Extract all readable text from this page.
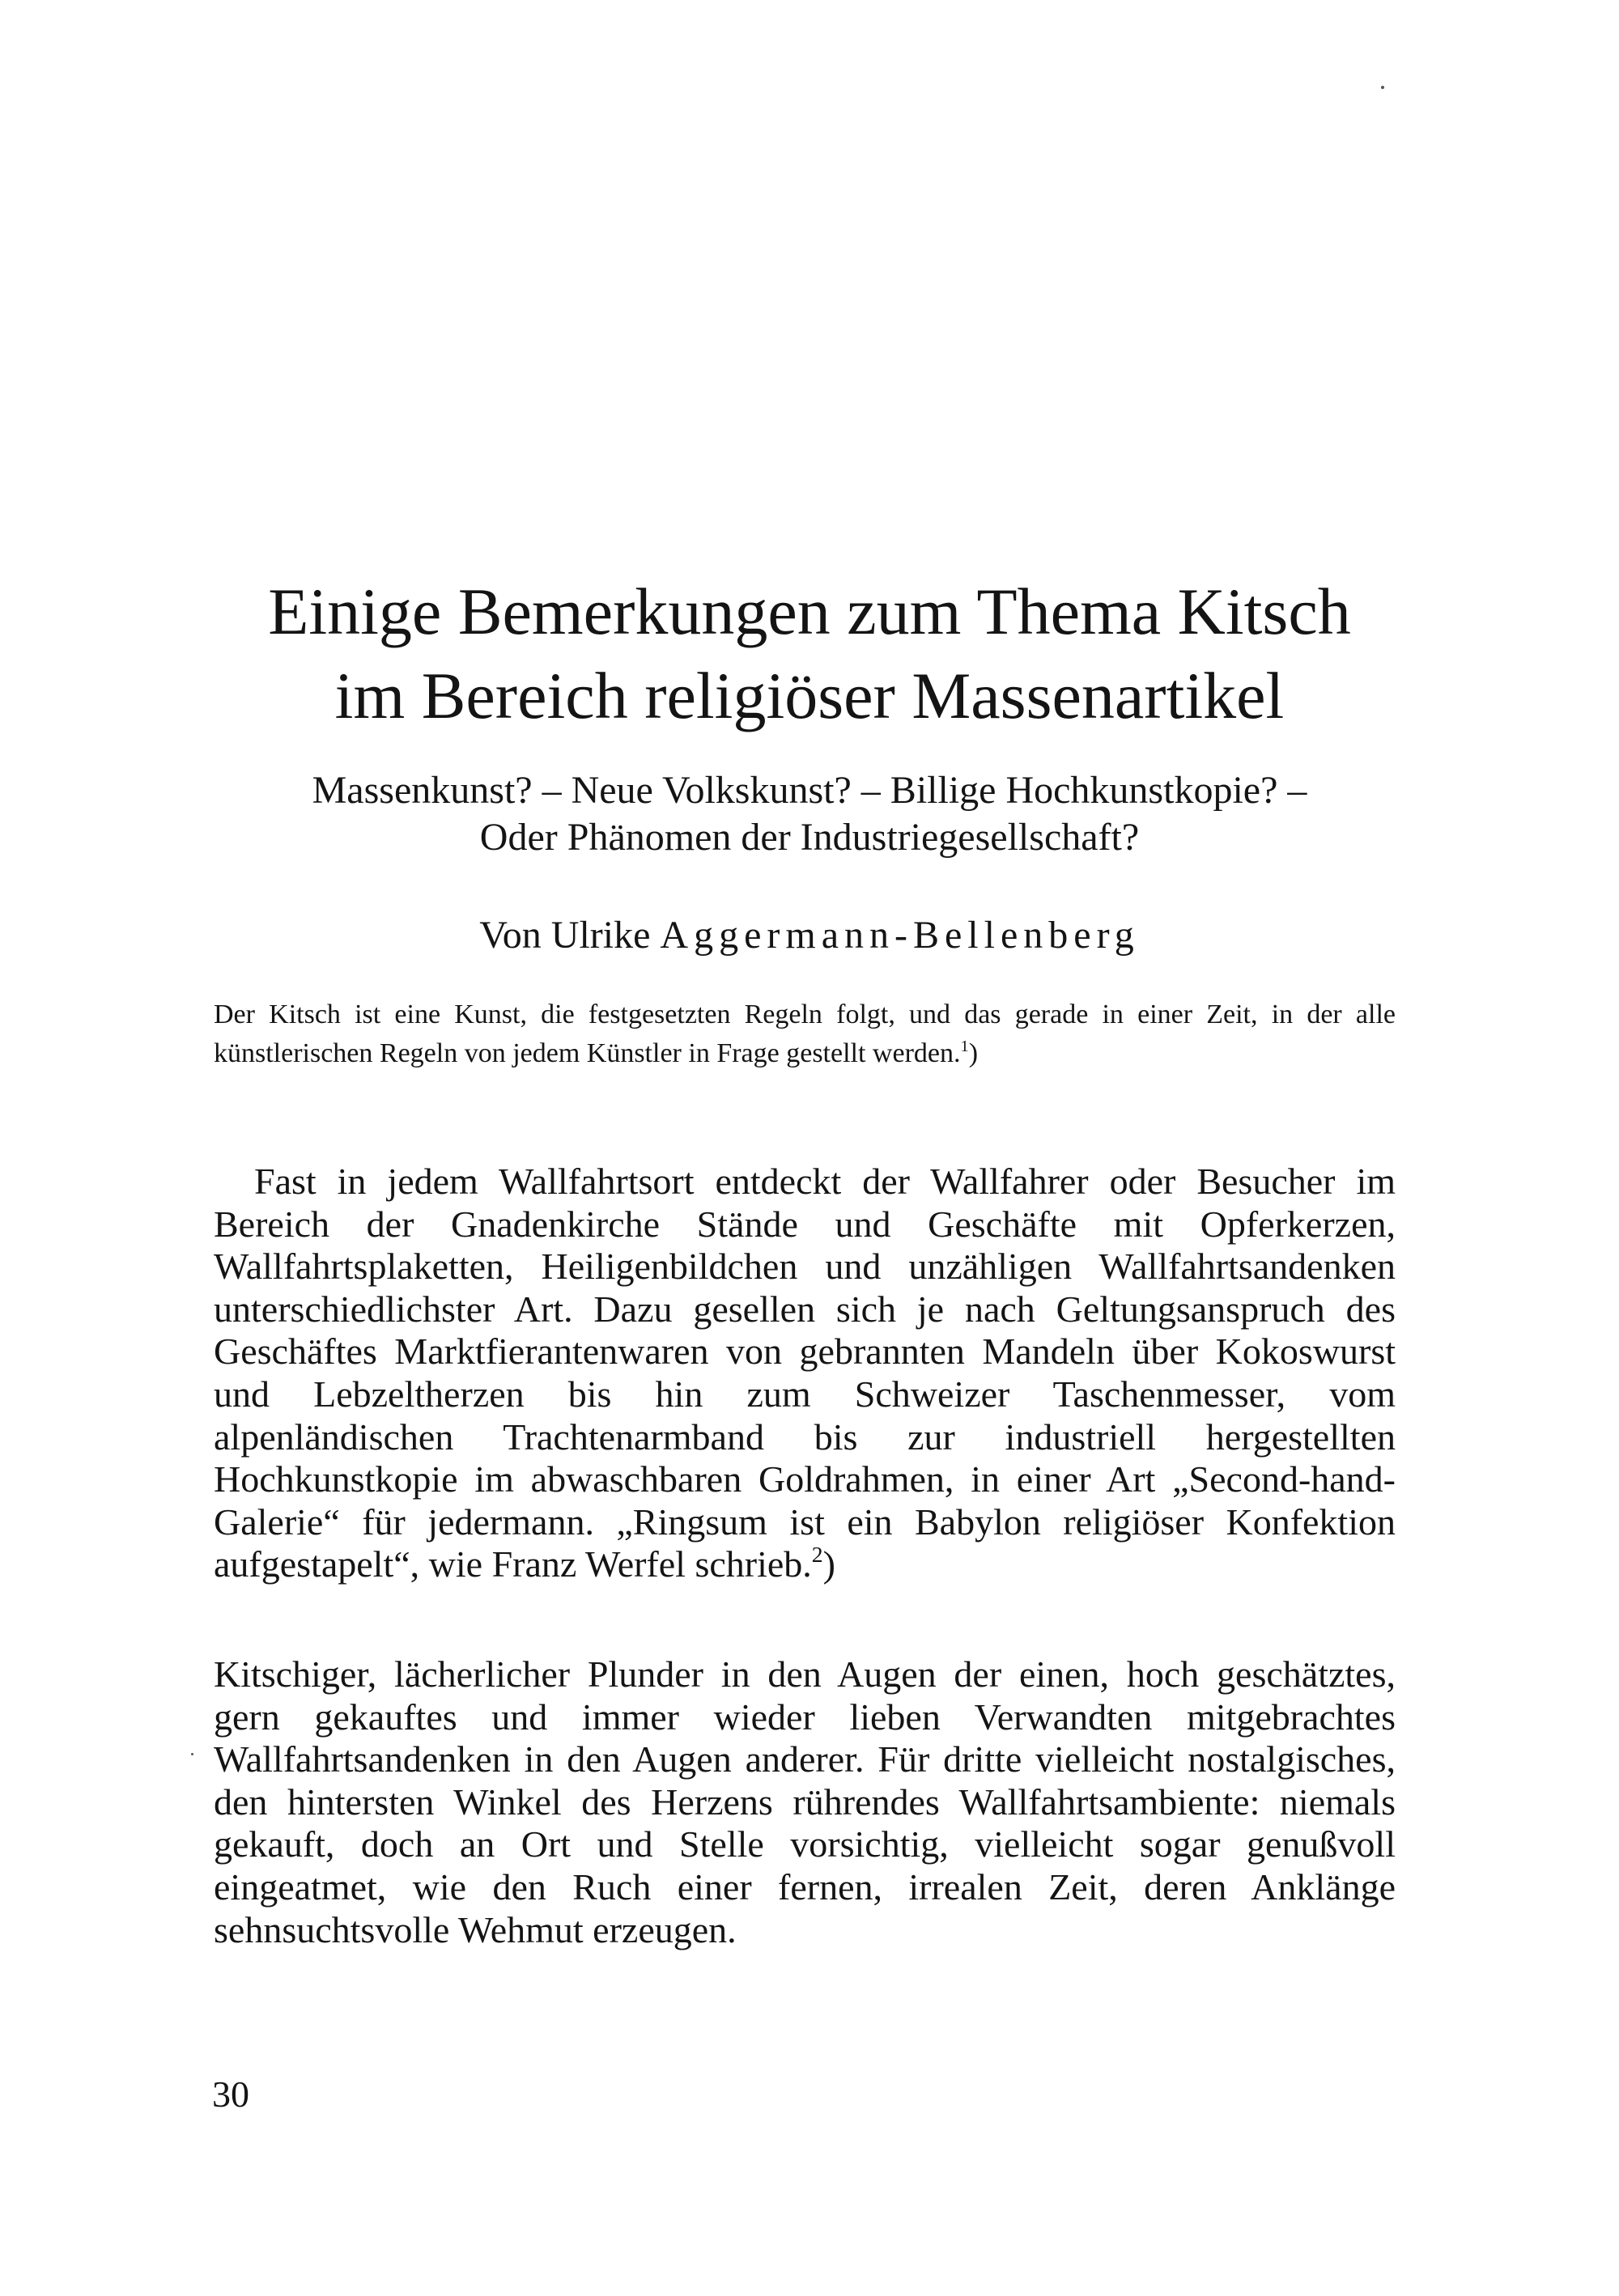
Einige Bemerkungen zum Thema Kitsch
im Bereich religiöser Massenartikel
Massenkunst? – Neue Volkskunst? – Billige Hochkunstkopie? –
Oder Phänomen der Industriegesellschaft?

Von Ulrike Aggermann-Bellenberg

Der Kitsch ist eine Kunst, die festgesetzten Regeln folgt, und das gerade in einer Zeit, in der alle künstlerischen Regeln von jedem Künstler in Frage gestellt werden.$^1$)

Fast in jedem Wallfahrtsort entdeckt der Wallfahrer oder Besucher im Bereich der Gnadenkirche Stände und Geschäfte mit Opferkerzen, Wallfahrtsplaketten, Heiligenbildchen und unzähligen Wallfahrtsandenken unterschiedlichster Art. Dazu gesellen sich je nach Geltungsanspruch des Geschäftes Marktfierantenwaren von gebrannten Mandeln über Kokoswurst und Lebzeltherzen bis hin zum Schweizer Taschenmesser, vom alpenländischen Trachtenarmband bis zur industriell hergestellten Hochkunstkopie im abwaschbaren Goldrahmen, in einer Art „Second-hand-Galerie“ für jedermann. „Ringsum ist ein Babylon religiöser Konfektion aufgestapelt“, wie Franz Werfel schrieb.$^2$)

Kitschiger, lächerlicher Plunder in den Augen der einen, hoch geschätztes, gern gekauftes und immer wieder lieben Verwandten mitgebrachtes Wallfahrtsandenken in den Augen anderer. Für dritte vielleicht nostalgisches, den hintersten Winkel des Herzens rührendes Wallfahrtsambiente: niemals gekauft, doch an Ort und Stelle vorsichtig, vielleicht sogar genußvoll eingeatmet, wie den Ruch einer fernen, irrealen Zeit, deren Anklänge sehnsuchtsvolle Wehmut erzeugen.

30
